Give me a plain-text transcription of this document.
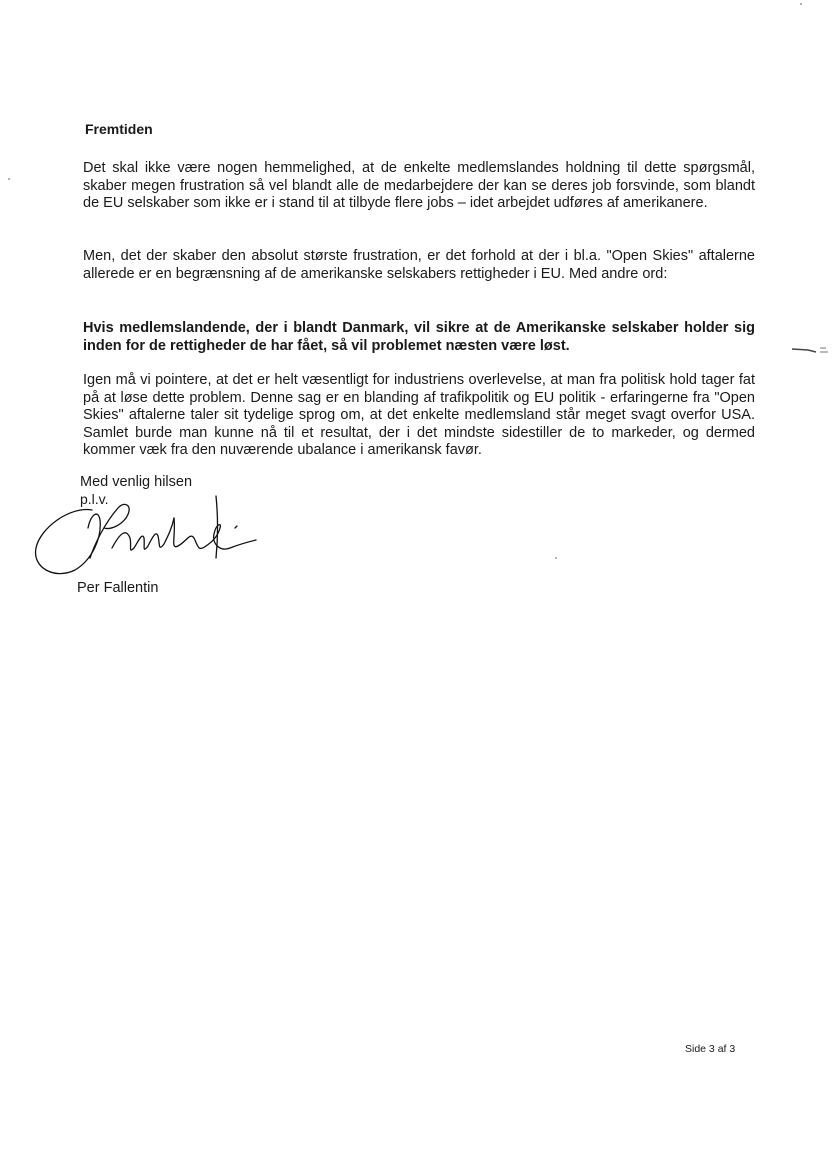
Fremtiden

Det skal ikke være nogen hemmelighed, at de enkelte medlemslandes holdning til dette spørgsmål, skaber megen frustration så vel blandt alle de medarbejdere der kan se deres job forsvinde, som blandt de EU selskaber som ikke er i stand til at tilbyde flere jobs – idet arbejdet udføres af amerikanere.

Men, det der skaber den absolut største frustration, er det forhold at der i bl.a. "Open Skies" aftalerne allerede er en begrænsning af de amerikanske selskabers rettigheder i EU. Med andre ord:

Hvis medlemslandende, der i blandt Danmark, vil sikre at de Amerikanske selskaber holder sig inden for de rettigheder de har fået, så vil problemet næsten være løst.

Igen må vi pointere, at det er helt væsentligt for industriens overlevelse, at man fra politisk hold tager fat på at løse dette problem. Denne sag er en blanding af trafikpolitik og EU politik - erfaringerne fra "Open Skies" aftalerne taler sit tydelige sprog om, at det enkelte medlemsland står meget svagt overfor USA. Samlet burde man kunne nå til et resultat, der i det mindste sidestiller de to markeder, og dermed kommer væk fra den nuværende ubalance i amerikansk favør.

Med venlig hilsen
p.l.v.
Per Fallentin
Side 3 af 3
